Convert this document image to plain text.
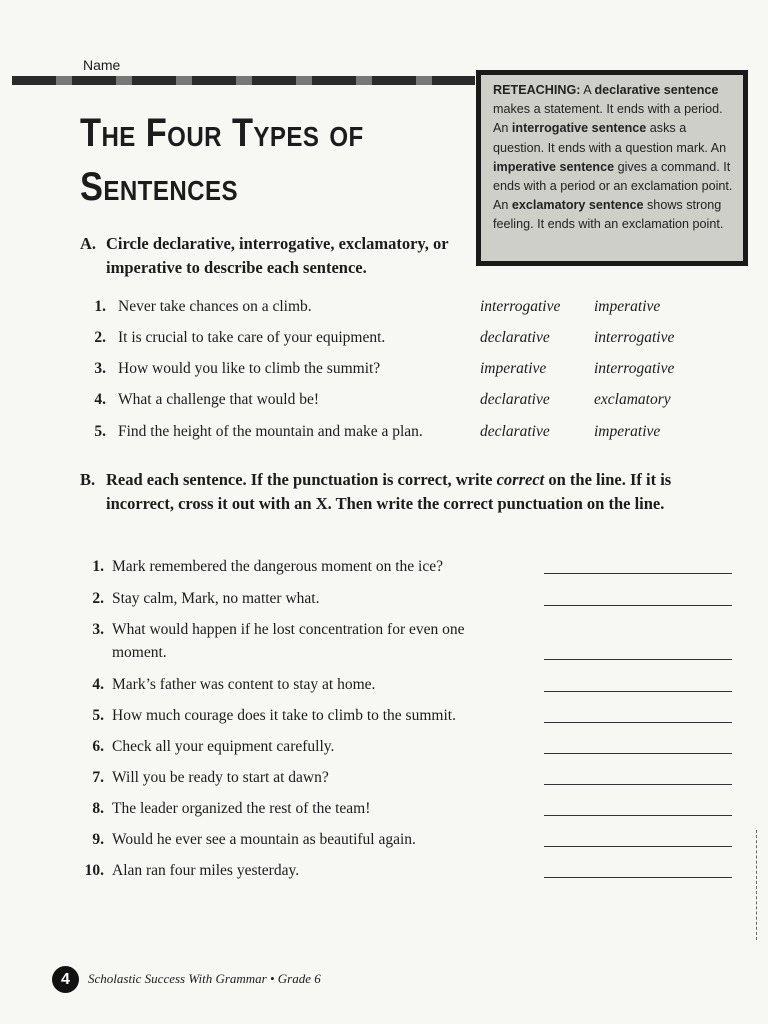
Name
The Four Types of
Sentences
RETEACHING: A declarative sentence makes a statement. It ends with a period. An interrogative sentence asks a question. It ends with a question mark. An imperative sentence gives a command. It ends with a period or an exclamation point. An exclamatory sentence shows strong feeling. It ends with an exclamation point.
A. Circle declarative, interrogative, exclamatory, or imperative to describe each sentence.
1. Never take chances on a climb.	interrogative imperative
2. It is crucial to take care of your equipment.	declarative	interrogative
3. How would you like to climb the summit?	imperative	interrogative
4. What a challenge that would be!	declarative	exclamatory
5. Find the height of the mountain and make a plan.	declarative	imperative
B. Read each sentence. If the punctuation is correct, write correct on the line. If it is incorrect, cross it out with an X. Then write the correct punctuation on the line.
1. Mark remembered the dangerous moment on the ice?
2. Stay calm, Mark, no matter what.
3. What would happen if he lost concentration for even one moment.
4. Mark’s father was content to stay at home.
5. How much courage does it take to climb to the summit.
6. Check all your equipment carefully.
7. Will you be ready to start at dawn?
8. The leader organized the rest of the team!
9. Would he ever see a mountain as beautiful again.
10. Alan ran four miles yesterday.
4	Scholastic Success With Grammar • Grade 6
